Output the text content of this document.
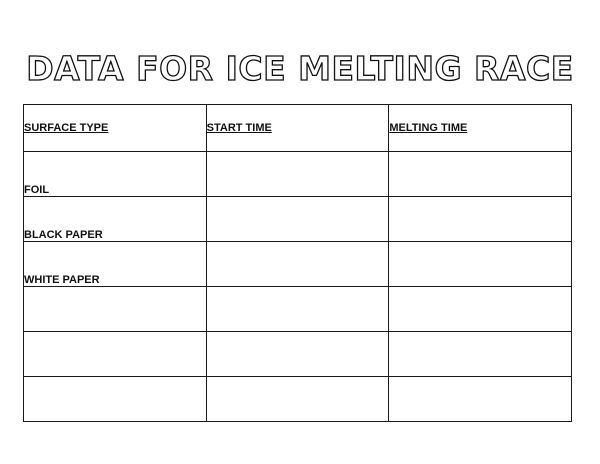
DATA FOR ICE MELTING RACE
SURFACE TYPE	START TIME	MELTING TIME
FOIL		
BLACK PAPER		
WHITE PAPER		
